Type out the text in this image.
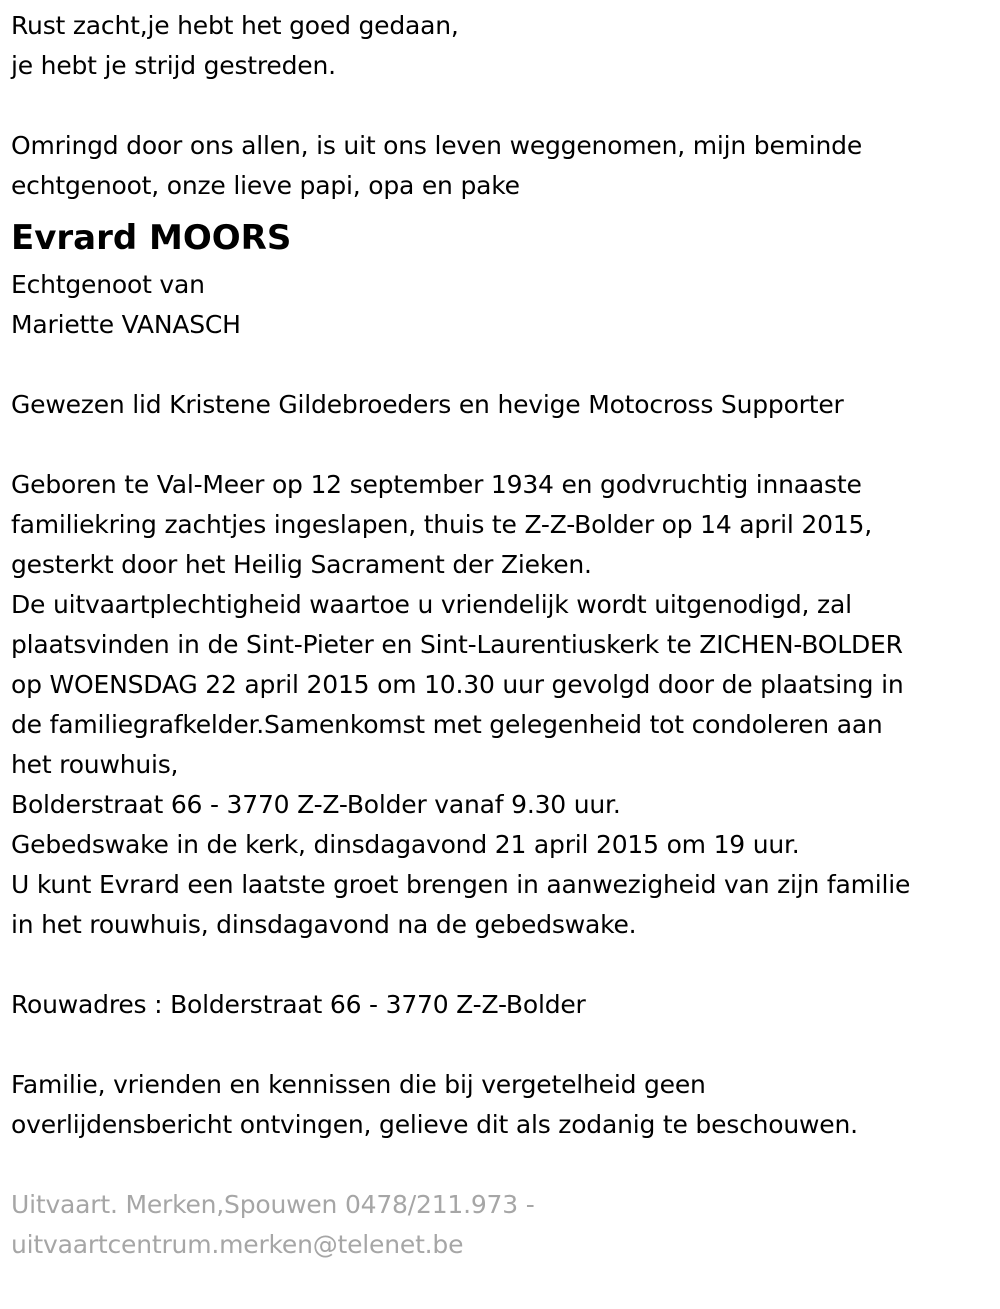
Rust zacht,je hebt het goed gedaan,
je hebt je strijd gestreden.
Omringd door ons allen, is uit ons leven weggenomen, mijn beminde
echtgenoot, onze lieve papi, opa en pake
Evrard MOORS
Echtgenoot van
Mariette VANASCH
Gewezen lid Kristene Gildebroeders en hevige Motocross Supporter
Geboren te Val-Meer op 12 september 1934 en godvruchtig innaaste
familiekring zachtjes ingeslapen, thuis te Z-Z-Bolder op 14 april 2015,
gesterkt door het Heilig Sacrament der Zieken.
De uitvaartplechtigheid waartoe u vriendelijk wordt uitgenodigd, zal
plaatsvinden in de Sint-Pieter en Sint-Laurentiuskerk te ZICHEN-BOLDER
op WOENSDAG 22 april 2015 om 10.30 uur gevolgd door de plaatsing in
de familiegrafkelder.Samenkomst met gelegenheid tot condoleren aan
het rouwhuis,
Bolderstraat 66 - 3770 Z-Z-Bolder vanaf 9.30 uur.
Gebedswake in de kerk, dinsdagavond 21 april 2015 om 19 uur.
U kunt Evrard een laatste groet brengen in aanwezigheid van zijn familie
in het rouwhuis, dinsdagavond na de gebedswake.
Rouwadres : Bolderstraat 66 - 3770 Z-Z-Bolder
Familie, vrienden en kennissen die bij vergetelheid geen
overlijdensbericht ontvingen, gelieve dit als zodanig te beschouwen.
Uitvaart. Merken,Spouwen 0478/211.973 -
uitvaartcentrum.merken@telenet.be
